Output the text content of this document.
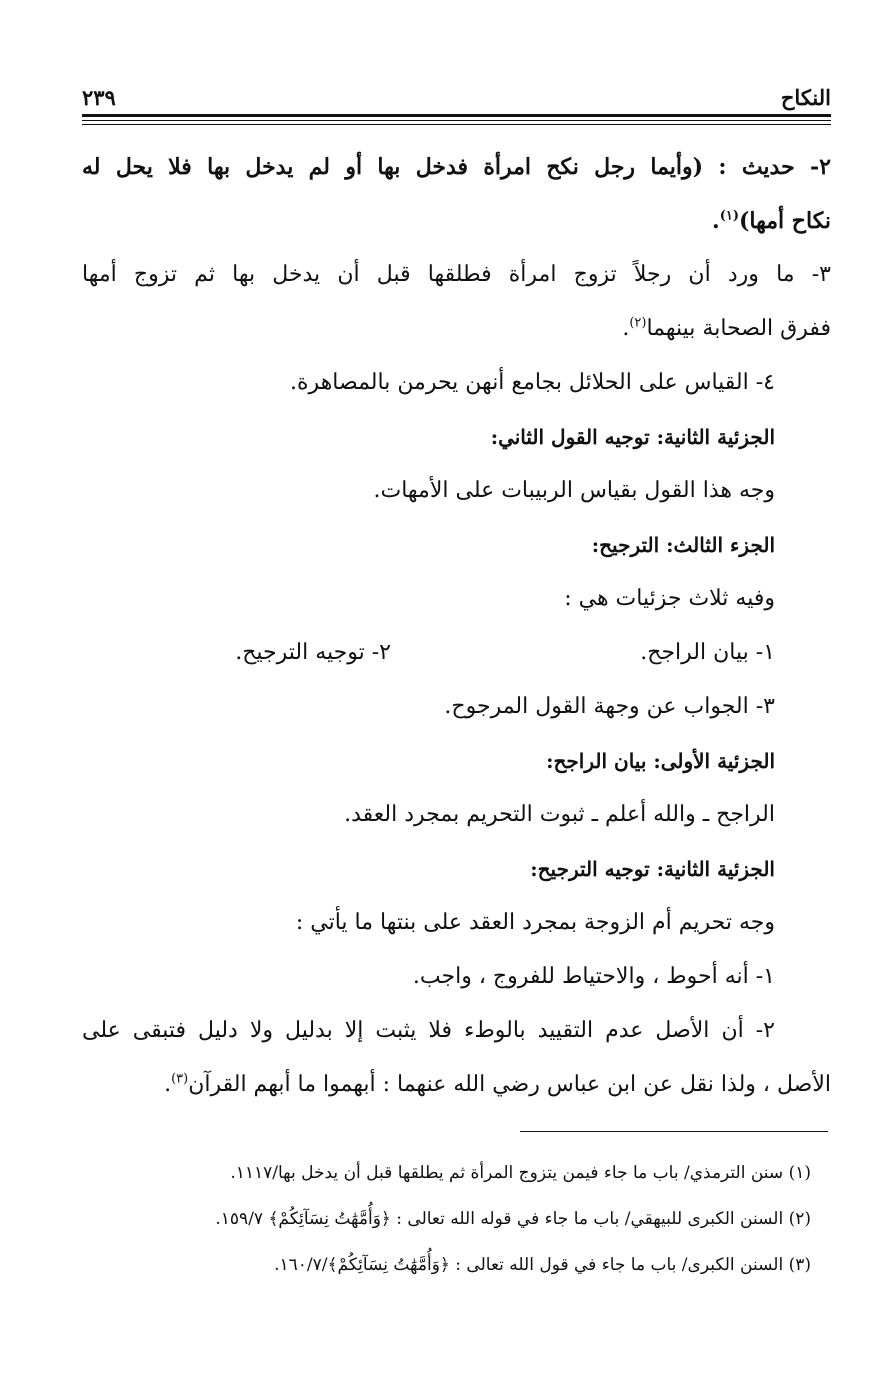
النكاح
٢٣٩
٢- حديث : (وأيما رجل نكح امرأة فدخل بها أو لم يدخل بها فلا يحل له
نكاح أمها)$^{(١)}$.
٣- ما ورد أن رجلاً تزوج امرأة فطلقها قبل أن يدخل بها ثم تزوج أمها
ففرق الصحابة بينهما$^{(٢)}$.
٤- القياس على الحلائل بجامع أنهن يحرمن بالمصاهرة.
الجزئية الثانية: توجيه القول الثاني:
وجه هذا القول بقياس الربيبات على الأمهات.
الجزء الثالث: الترجيح:
وفيه ثلاث جزئيات هي :
١- بيان الراجح.
٢- توجيه الترجيح.
٣- الجواب عن وجهة القول المرجوح.
الجزئية الأولى: بيان الراجح:
الراجح ـ والله أعلم ـ ثبوت التحريم بمجرد العقد.
الجزئية الثانية: توجيه الترجيح:
وجه تحريم أم الزوجة بمجرد العقد على بنتها ما يأتي :
١- أنه أحوط ، والاحتياط للفروج ، واجب.
٢- أن الأصل عدم التقييد بالوطء فلا يثبت إلا بدليل ولا دليل فتبقى على
الأصل ، ولذا نقل عن ابن عباس رضي الله عنهما : أبهموا ما أبهم القرآن$^{(٣)}$.
(١) سنن الترمذي/ باب ما جاء فيمن يتزوج المرأة ثم يطلقها قبل أن يدخل بها/١١١٧.
(٢) السنن الكبرى للبيهقي/ باب ما جاء في قوله الله تعالى : ﴿وَأُمَّهَٰتُ نِسَآئِكُمْ﴾ ١٥٩/٧.
(٣) السنن الكبرى/ باب ما جاء في قول الله تعالى : ﴿وَأُمَّهَٰتُ نِسَآئِكُمْ﴾/١٦٠/٧.
